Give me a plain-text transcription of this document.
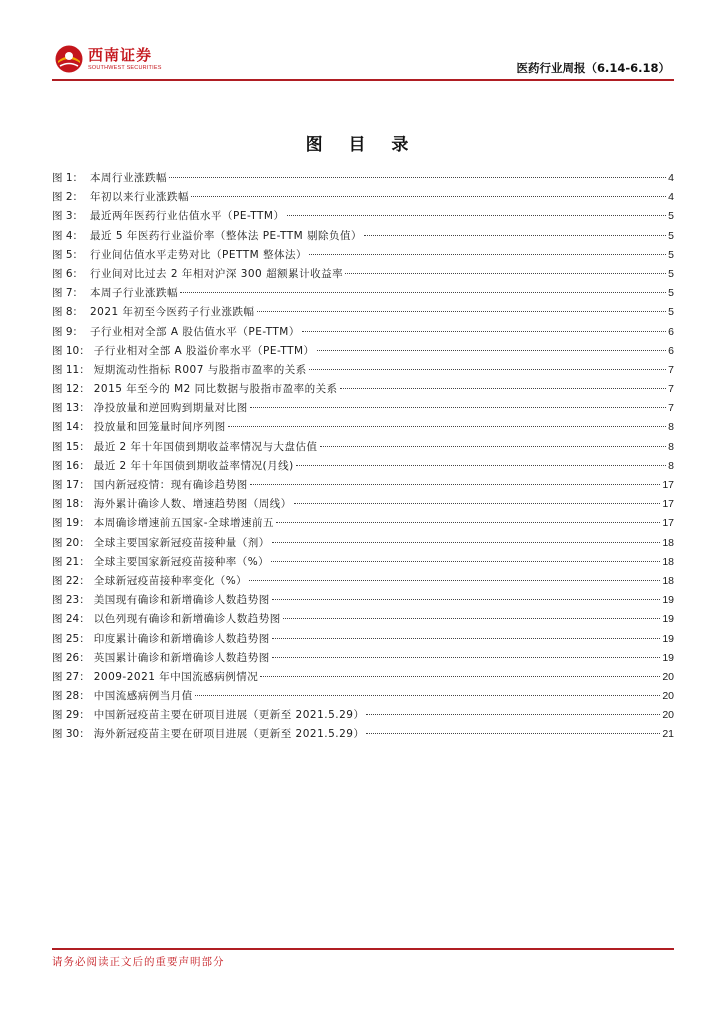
西南证券
SOUTHWEST SECURITIES	医药行业周报（6.14-6.18）
图 目 录
图 1： 本周行业涨跌幅	4
图 2： 年初以来行业涨跌幅	4
图 3： 最近两年医药行业估值水平（PE-TTM）	5
图 4： 最近 5 年医药行业溢价率（整体法 PE-TTM 剔除负值）	5
图 5： 行业间估值水平走势对比（PETTM 整体法）	5
图 6： 行业间对比过去 2 年相对沪深 300 超额累计收益率	5
图 7： 本周子行业涨跌幅	5
图 8： 2021 年初至今医药子行业涨跌幅	5
图 9： 子行业相对全部 A 股估值水平（PE-TTM）	6
图 10： 子行业相对全部 A 股溢价率水平（PE-TTM）	6
图 11： 短期流动性指标 R007 与股指市盈率的关系	7
图 12： 2015 年至今的 M2 同比数据与股指市盈率的关系	7
图 13： 净投放量和逆回购到期量对比图	7
图 14： 投放量和回笼量时间序列图	8
图 15： 最近 2 年十年国债到期收益率情况与大盘估值	8
图 16： 最近 2 年十年国债到期收益率情况(月线)	8
图 17： 国内新冠疫情：现有确诊趋势图	17
图 18： 海外累计确诊人数、增速趋势图（周线）	17
图 19： 本周确诊增速前五国家-全球增速前五	17
图 20： 全球主要国家新冠疫苗接种量（剂）	18
图 21： 全球主要国家新冠疫苗接种率（%）	18
图 22： 全球新冠疫苗接种率变化（%）	18
图 23： 美国现有确诊和新增确诊人数趋势图	19
图 24： 以色列现有确诊和新增确诊人数趋势图	19
图 25： 印度累计确诊和新增确诊人数趋势图	19
图 26： 英国累计确诊和新增确诊人数趋势图	19
图 27： 2009-2021 年中国流感病例情况	20
图 28： 中国流感病例当月值	20
图 29： 中国新冠疫苗主要在研项目进展（更新至 2021.5.29）	20
图 30： 海外新冠疫苗主要在研项目进展（更新至 2021.5.29）	21
请务必阅读正文后的重要声明部分
